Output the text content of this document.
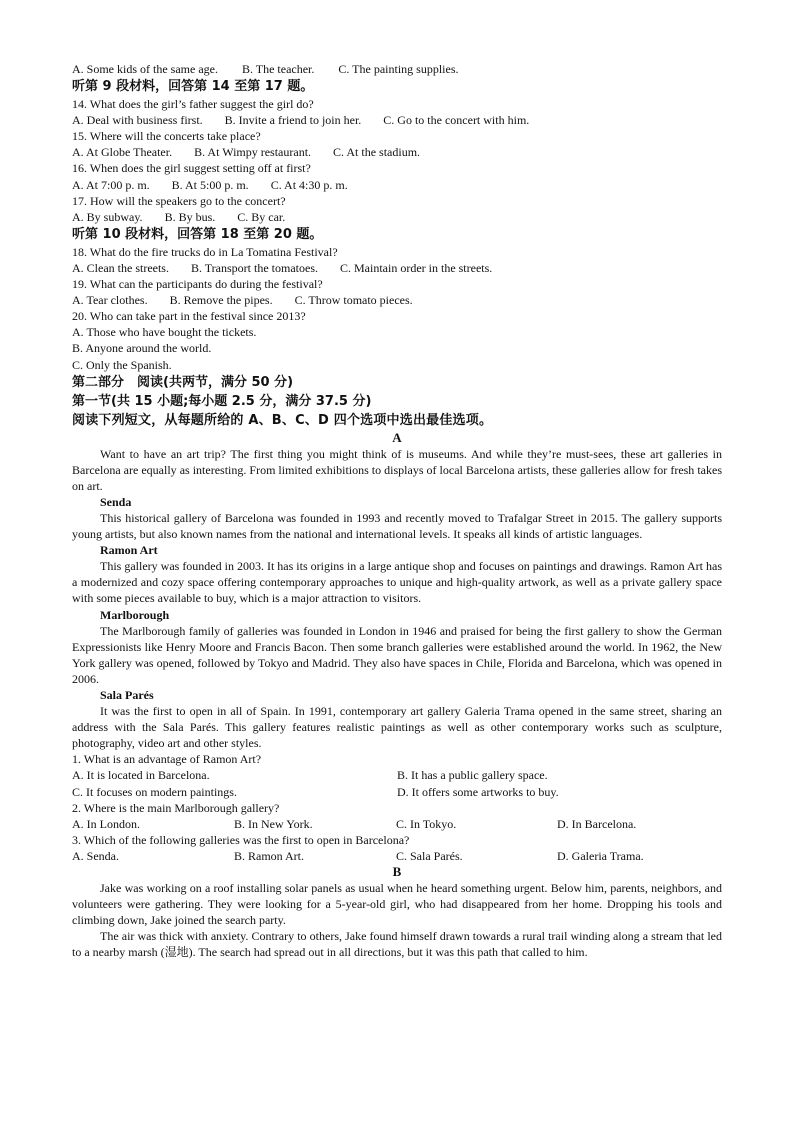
A. Some kids of the same age. B. The teacher. C. The painting supplies.
听第 9 段材料，回答第 14 至第 17 题。
14. What does the girl’s father suggest the girl do?
A. Deal with business first. B. Invite a friend to join her. C. Go to the concert with him.
15. Where will the concerts take place?
A. At Globe Theater. B. At Wimpy restaurant. C. At the stadium.
16. When does the girl suggest setting off at first?
A. At 7:00 p. m. B. At 5:00 p. m. C. At 4:30 p. m.
17. How will the speakers go to the concert?
A. By subway. B. By bus. C. By car.
听第 10 段材料，回答第 18 至第 20 题。
18. What do the fire trucks do in La Tomatina Festival?
A. Clean the streets. B. Transport the tomatoes. C. Maintain order in the streets.
19. What can the participants do during the festival?
A. Tear clothes. B. Remove the pipes. C. Throw tomato pieces.
20. Who can take part in the festival since 2013?
A. Those who have bought the tickets.
B. Anyone around the world.
C. Only the Spanish.
第二部分　阅读(共两节，满分 50 分)
第一节(共 15 小题;每小题 2.5 分，满分 37.5 分)
阅读下列短文，从每题所给的 A、B、C、D 四个选项中选出最佳选项。
A
Want to have an art trip? The first thing you might think of is museums. And while they’re must-sees, these art galleries in Barcelona are equally as interesting. From limited exhibitions to displays of local Barcelona artists, these galleries allow for fresh takes on art.
Senda
This historical gallery of Barcelona was founded in 1993 and recently moved to Trafalgar Street in 2015. The gallery supports young artists, but also known names from the national and international levels. It speaks all kinds of artistic languages.
Ramon Art
This gallery was founded in 2003. It has its origins in a large antique shop and focuses on paintings and drawings. Ramon Art has a modernized and cozy space offering contemporary approaches to unique and high-quality artwork, as well as a private gallery space with some pieces available to buy, which is a major attraction to visitors.
Marlborough
The Marlborough family of galleries was founded in London in 1946 and praised for being the first gallery to show the German Expressionists like Henry Moore and Francis Bacon. Then some branch galleries were established around the world. In 1962, the New York gallery was opened, followed by Tokyo and Madrid. They also have spaces in Chile, Florida and Barcelona, which was opened in 2006.
Sala Parés
It was the first to open in all of Spain. In 1991, contemporary art gallery Galeria Trama opened in the same street, sharing an address with the Sala Parés. This gallery features realistic paintings as well as other contemporary works such as sculpture, photography, video art and other styles.
1. What is an advantage of Ramon Art?
A. It is located in Barcelona.	B. It has a public gallery space.
C. It focuses on modern paintings.	D. It offers some artworks to buy.
2. Where is the main Marlborough gallery?
A. In London.	B. In New York.	C. In Tokyo.	D. In Barcelona.
3. Which of the following galleries was the first to open in Barcelona?
A. Senda.	B. Ramon Art.	C. Sala Parés.	D. Galeria Trama.
B
Jake was working on a roof installing solar panels as usual when he heard something urgent. Below him, parents, neighbors, and volunteers were gathering. They were looking for a 5-year-old girl, who had disappeared from her home. Dropping his tools and climbing down, Jake joined the search party.
The air was thick with anxiety. Contrary to others, Jake found himself drawn towards a rural trail winding along a stream that led to a nearby marsh (湿地). The search had spread out in all directions, but it was this path that called to him.
